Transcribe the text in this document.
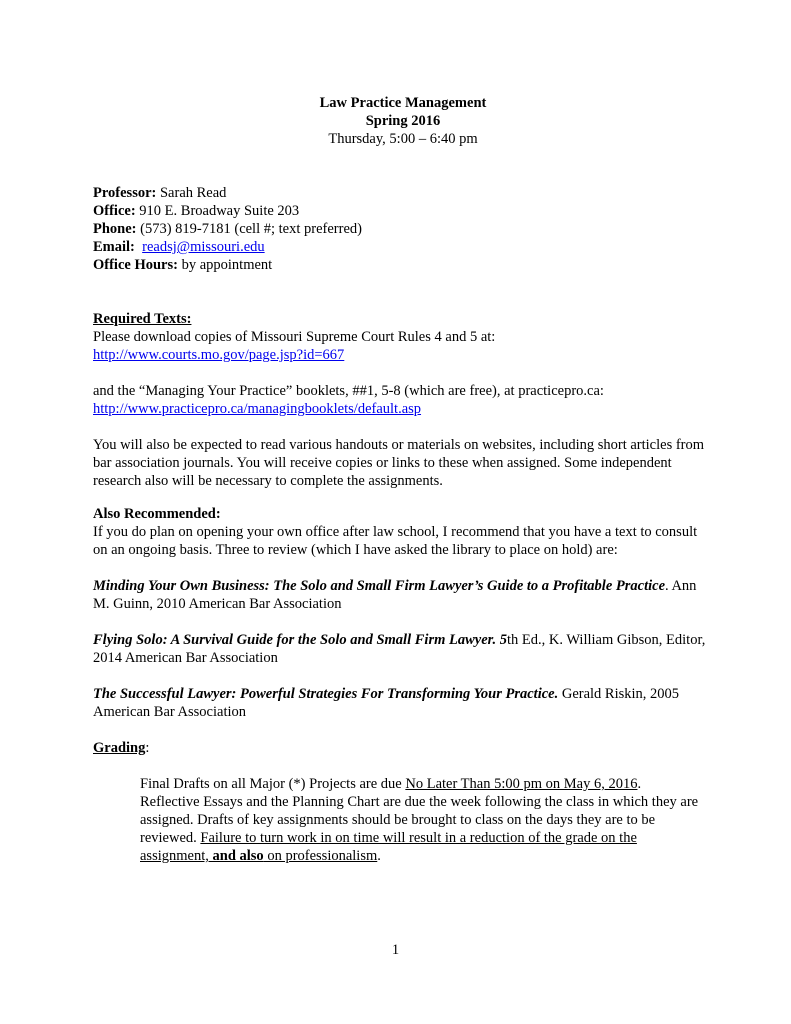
Law Practice Management
Spring 2016
Thursday, 5:00 – 6:40 pm
Professor: Sarah Read
Office: 910 E. Broadway Suite 203
Phone: (573) 819-7181 (cell #; text preferred)
Email: readsj@missouri.edu
Office Hours: by appointment
Required Texts:
Please download copies of Missouri Supreme Court Rules 4 and 5 at:
http://www.courts.mo.gov/page.jsp?id=667
and the “Managing Your Practice” booklets, ##1, 5-8 (which are free), at practicepro.ca:
http://www.practicepro.ca/managingbooklets/default.asp

You will also be expected to read various handouts or materials on websites, including short articles from bar association journals. You will receive copies or links to these when assigned. Some independent research also will be necessary to complete the assignments.

Also Recommended:

If you do plan on opening your own office after law school, I recommend that you have a text to consult on an ongoing basis. Three to review (which I have asked the library to place on hold) are:

Minding Your Own Business: The Solo and Small Firm Lawyer’s Guide to a Profitable Practice. Ann M. Guinn, 2010 American Bar Association

Flying Solo: A Survival Guide for the Solo and Small Firm Lawyer. 5th Ed., K. William Gibson, Editor, 2014 American Bar Association

The Successful Lawyer: Powerful Strategies For Transforming Your Practice. Gerald Riskin, 2005 American Bar Association

Grading:

Final Drafts on all Major (*) Projects are due No Later Than 5:00 pm on May 6, 2016. Reflective Essays and the Planning Chart are due the week following the class in which they are assigned. Drafts of key assignments should be brought to class on the days they are to be reviewed. Failure to turn work in on time will result in a reduction of the grade on the assignment, and also on professionalism.

1
